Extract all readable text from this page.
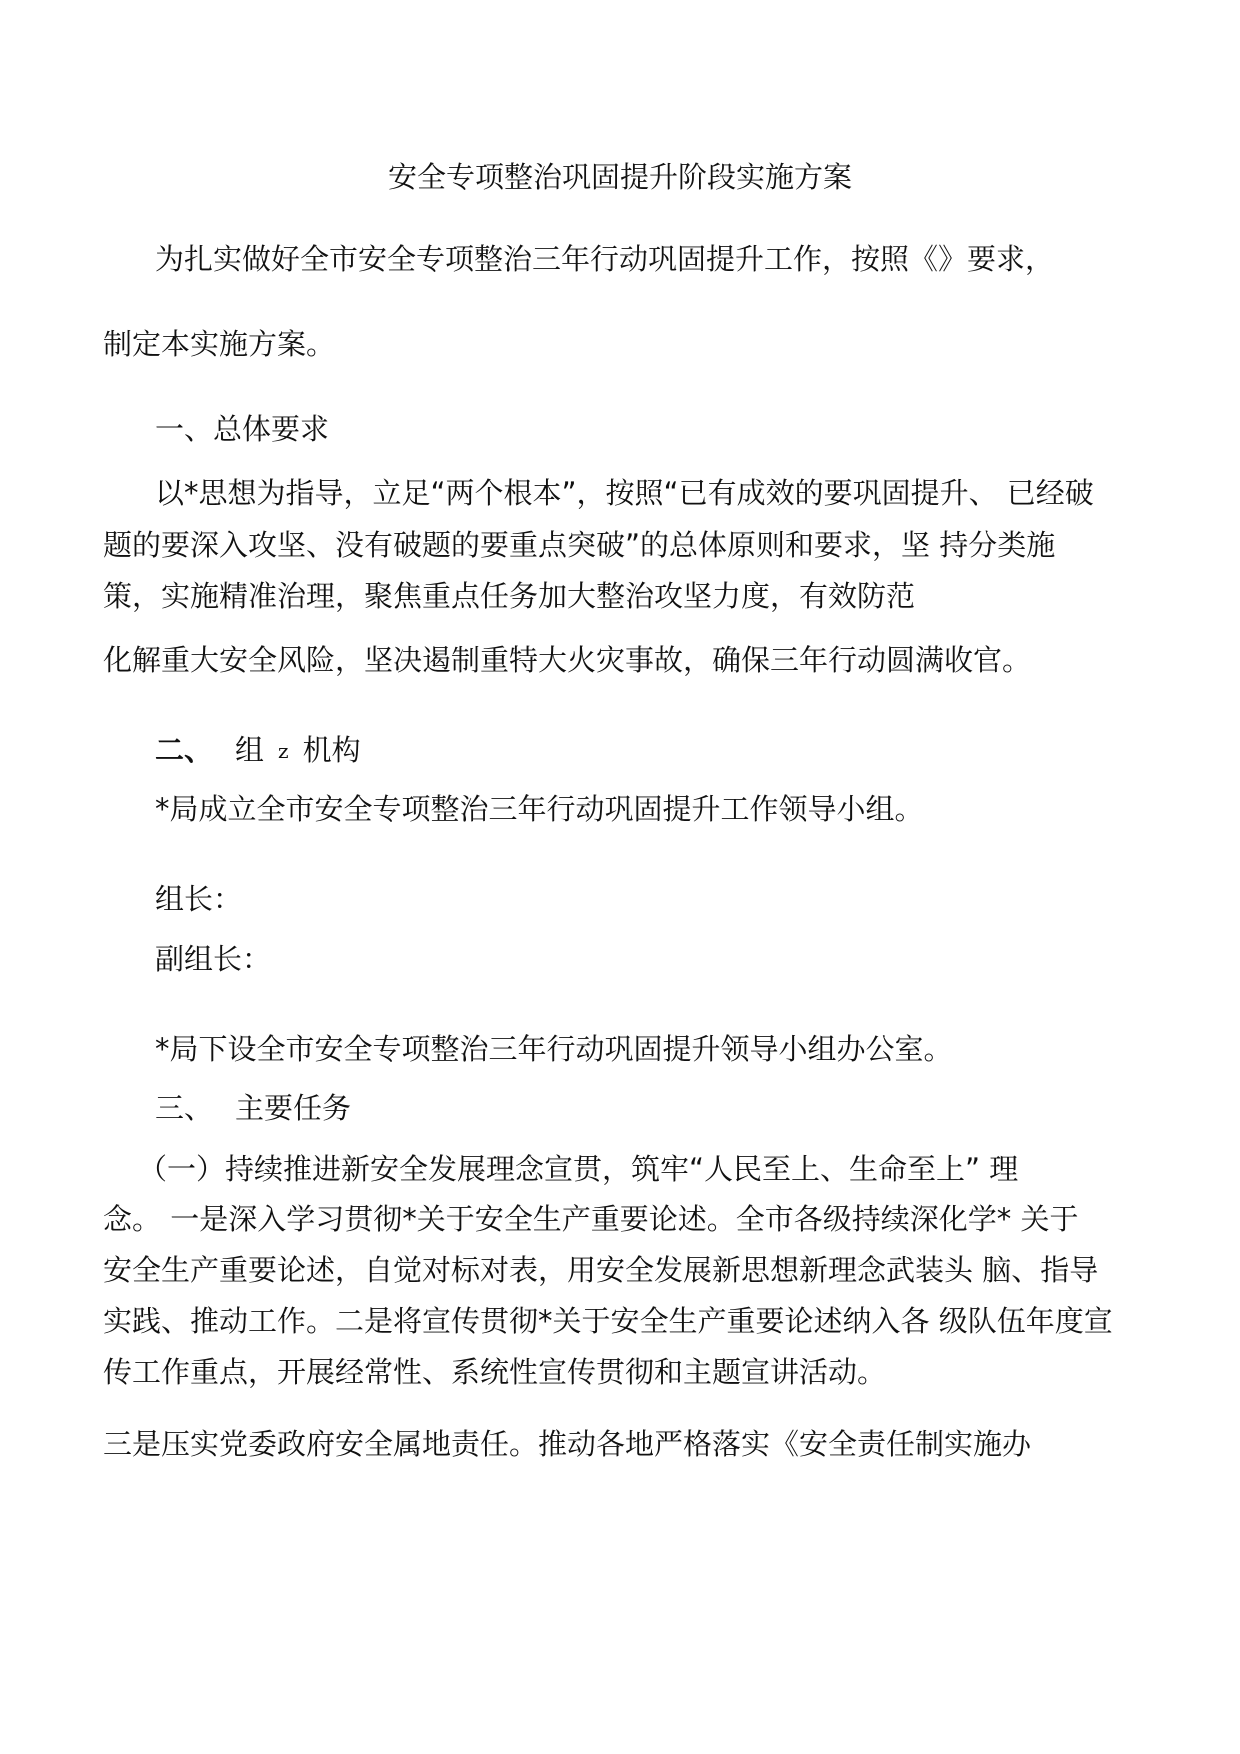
安全专项整治巩固提升阶段实施方案
为扎实做好全市安全专项整治三年行动巩固提升工作，按照《》要求，
制定本实施方案。
一、总体要求
以*思想为指导，立足“两个根本”，按照“已有成效的要巩固提升、 已经破
题的要深入攻坚、没有破题的要重点突破”的总体原则和要求，坚 持分类施
策，实施精准治理，聚焦重点任务加大整治攻坚力度，有效防范
化解重大安全风险，坚决遏制重特大火灾事故，确保三年行动圆满收官。
二、 组 z 机构
*局成立全市安全专项整治三年行动巩固提升工作领导小组。
组长：
副组长：
*局下设全市安全专项整治三年行动巩固提升领导小组办公室。
三、 主要任务
（一）持续推进新安全发展理念宣贯，筑牢“人民至上、生命至上” 理
念。 一是深入学习贯彻*关于安全生产重要论述。全市各级持续深化学* 关于
安全生产重要论述，自觉对标对表，用安全发展新思想新理念武装头 脑、指导
实践、推动工作。二是将宣传贯彻*关于安全生产重要论述纳入各 级队伍年度宣
传工作重点，开展经常性、系统性宣传贯彻和主题宣讲活动。
三是压实党委政府安全属地责任。推动各地严格落实《安全责任制实施办
